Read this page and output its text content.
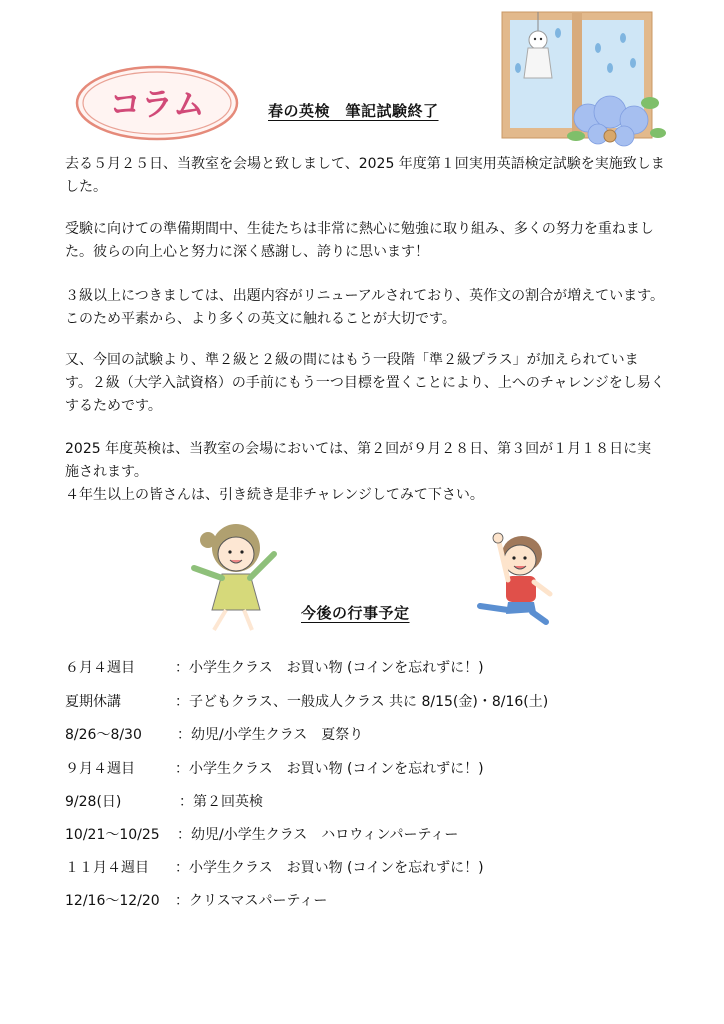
コラム	春の英検　筆記試験終了

去る５月２５日、当教室を会場と致しまして、2025 年度第１回実用英語検定試験を実施致しました。

受験に向けての準備期間中、生徒たちは非常に熱心に勉強に取り組み、多くの努力を重ねました。彼らの向上心と努力に深く感謝し、誇りに思います！

３級以上につきましては、出題内容がリニューアルされており、英作文の割合が増えています。このため平素から、より多くの英文に触れることが大切です。

又、今回の試験より、準２級と２級の間にはもう一段階「準２級プラス」が加えられています。２級（大学入試資格）の手前にもう一つ目標を置くことにより、上へのチャレンジをし易くするためです。

2025 年度英検は、当教室の会場においては、第２回が９月２８日、第３回が１月１８日に実施されます。
４年生以上の皆さんは、引き続き是非チャレンジしてみて下さい。

今後の行事予定
６月４週目	：小学生クラス　お買い物 (コインを忘れずに！)
夏期休講	：子どもクラス、一般成人クラス 共に 8/15(金)・8/16(土)
8/26〜8/30	：幼児/小学生クラス　夏祭り
９月４週目	：小学生クラス　お買い物 (コインを忘れずに！)
9/28(日)	：第２回英検
10/21〜10/25 ：幼児/小学生クラス　ハロウィンパーティー
１１月４週目 ：小学生クラス　お買い物 (コインを忘れずに！)
12/16〜12/20 ：クリスマスパーティー
